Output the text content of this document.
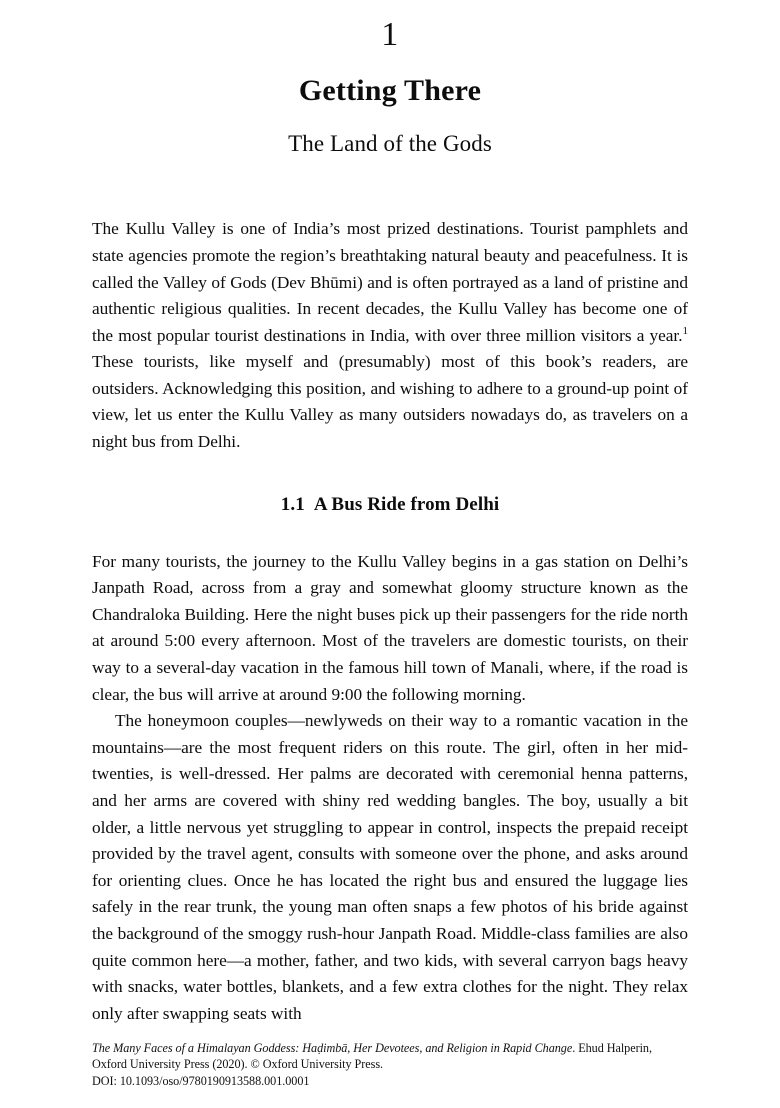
1
Getting There
The Land of the Gods

The Kullu Valley is one of India’s most prized destinations. Tourist pamphlets and state agencies promote the region’s breathtaking natural beauty and peacefulness. It is called the Valley of Gods (Dev Bhūmi) and is often portrayed as a land of pristine and authentic religious qualities. In recent decades, the Kullu Valley has become one of the most popular tourist destinations in India, with over three million visitors a year.$^1$ These tourists, like myself and (presumably) most of this book’s readers, are outsiders. Acknowledging this position, and wishing to adhere to a ground-up point of view, let us enter the Kullu Valley as many outsiders nowadays do, as travelers on a night bus from Delhi.

1.1 A Bus Ride from Delhi

For many tourists, the journey to the Kullu Valley begins in a gas station on Delhi’s Janpath Road, across from a gray and somewhat gloomy structure known as the Chandraloka Building. Here the night buses pick up their passengers for the ride north at around 5:00 every afternoon. Most of the travelers are domestic tourists, on their way to a several-day vacation in the famous hill town of Manali, where, if the road is clear, the bus will arrive at around 9:00 the following morning.

The honeymoon couples—newlyweds on their way to a romantic vacation in the mountains—are the most frequent riders on this route. The girl, often in her mid-twenties, is well-dressed. Her palms are decorated with ceremonial henna patterns, and her arms are covered with shiny red wedding bangles. The boy, usually a bit older, a little nervous yet struggling to appear in control, inspects the prepaid receipt provided by the travel agent, consults with someone over the phone, and asks around for orienting clues. Once he has located the right bus and ensured the luggage lies safely in the rear trunk, the young man often snaps a few photos of his bride against the background of the smoggy rush-hour Janpath Road. Middle-class families are also quite common here—a mother, father, and two kids, with several carryon bags heavy with snacks, water bottles, blankets, and a few extra clothes for the night. They relax only after swapping seats with

The Many Faces of a Himalayan Goddess: Haḍimbā, Her Devotees, and Religion in Rapid Change. Ehud Halperin,
Oxford University Press (2020). © Oxford University Press.
DOI: 10.1093/oso/9780190913588.001.0001
